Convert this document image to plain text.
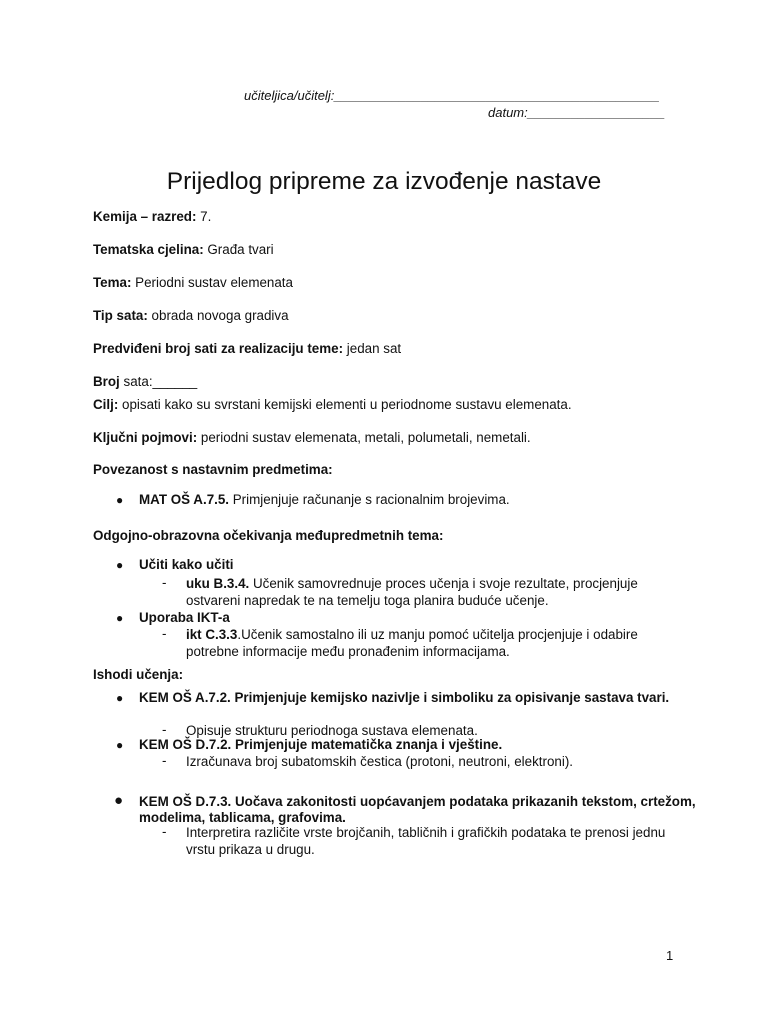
učiteljica/učitelj:_____________________________________________
datum:___________________
Prijedlog pripreme za izvođenje nastave
Kemija – razred: 7.
Tematska cjelina: Građa tvari
Tema: Periodni sustav elemenata
Tip sata: obrada novoga gradiva
Predviđeni broj sati za realizaciju teme: jedan sat
Broj sata:______
Cilj: opisati kako su svrstani kemijski elementi u periodnome sustavu elemenata.
Ključni pojmovi: periodni sustav elemenata, metali, polumetali, nemetali.
Povezanost s nastavnim predmetima:
● MAT OŠ A.7.5. Primjenjuje računanje s racionalnim brojevima.
Odgojno-obrazovna očekivanja međupredmetnih tema:
● Učiti kako učiti
- uku B.3.4. Učenik samovrednuje proces učenja i svoje rezultate, procjenjuje ostvareni napredak te na temelju toga planira buduće učenje.
● Uporaba IKT-a
- ikt C.3.3.Učenik samostalno ili uz manju pomoć učitelja procjenjuje i odabire potrebne informacije među pronađenim informacijama.
Ishodi učenja:
● KEM OŠ A.7.2. Primjenjuje kemijsko nazivlje i simboliku za opisivanje sastava tvari.
- Opisuje strukturu periodnoga sustava elemenata.
● KEM OŠ D.7.2. Primjenjuje matematička znanja i vještine.
- Izračunava broj subatomskih čestica (protoni, neutroni, elektroni).
● KEM OŠ D.7.3. Uočava zakonitosti uopćavanjem podataka prikazanih tekstom, crtežom, modelima, tablicama, grafovima.
- Interpretira različite vrste brojčanih, tabličnih i grafičkih podataka te prenosi jednu vrstu prikaza u drugu.
1
